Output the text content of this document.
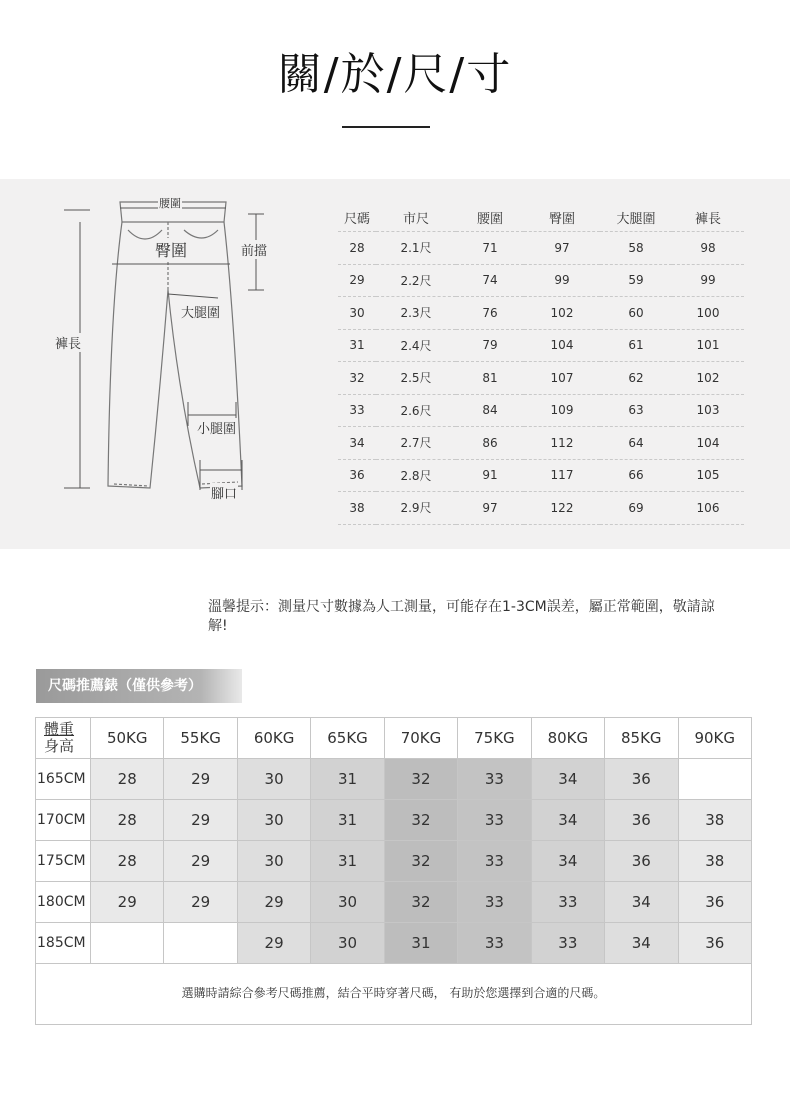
關/於/尺/寸
腰圍
臀圍	前擋
褲長
大腿圍
小腿圍
腳口
尺碼	市尺	腰圍	臀圍	大腿圍	褲長
28	2.1尺	71	97	58	98
29	2.2尺	74	99	59	99
30	2.3尺	76	102	60	100
31	2.4尺	79	104	61	101
32	2.5尺	81	107	62	102
33	2.6尺	84	109	63	103
34	2.7尺	86	112	64	104
36	2.8尺	91	117	66	105
38	2.9尺	97	122	69	106
溫馨提示：測量尺寸數據為人工測量，可能存在1-3CM誤差，屬正常範圍，敬請諒解!
尺碼推薦錶（僅供參考）
體重
身高	50KG	55KG	60KG	65KG	70KG	75KG	80KG	85KG	90KG
165CM	28	29	30	31	32	33	34	36	
170CM	28	29	30	31	32	33	34	36	38
175CM	28	29	30	31	32	33	34	36	38
180CM	29	29	29	30	32	33	33	34	36
185CM			29	30	31	33	33	34	36
選購時請綜合參考尺碼推薦，結合平時穿著尺碼， 有助於您選擇到合適的尺碼。
